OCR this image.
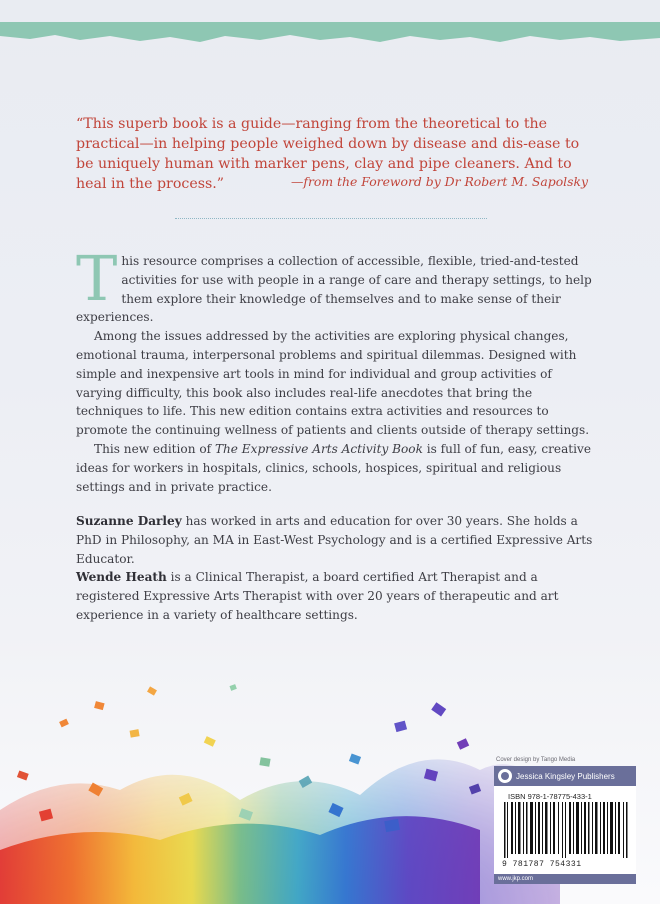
“This superb book is a guide—ranging from the theoretical to the practical—in helping people weighed down by disease and dis-ease to be uniquely human with marker pens, clay and pipe cleaners. And to heal in the process.”	—from the Foreword by Dr Robert M. Sapolsky

This resource comprises a collection of accessible, flexible, tried-and-tested activities for use with people in a range of care and therapy settings, to help them explore their knowledge of themselves and to make sense of their experiences.

Among the issues addressed by the activities are exploring physical changes, emotional trauma, interpersonal problems and spiritual dilemmas. Designed with simple and inexpensive art tools in mind for individual and group activities of varying difficulty, this book also includes real-life anecdotes that bring the techniques to life. This new edition contains extra activities and resources to promote the continuing wellness of patients and clients outside of therapy settings.

This new edition of The Expressive Arts Activity Book is full of fun, easy, creative ideas for workers in hospitals, clinics, schools, hospices, spiritual and religious settings and in private practice.

Suzanne Darley has worked in arts and education for over 30 years. She holds a PhD in Philosophy, an MA in East-West Psychology and is a certified Expressive Arts Educator.

Wende Heath is a Clinical Therapist, a board certified Art Therapist and a registered Expressive Arts Therapist with over 20 years of therapeutic and art experience in a variety of healthcare settings.

Cover design by Tango Media
Jessica Kingsley Publishers
ISBN 978-1-78775-433-1
9 781787 754331
www.jkp.com
